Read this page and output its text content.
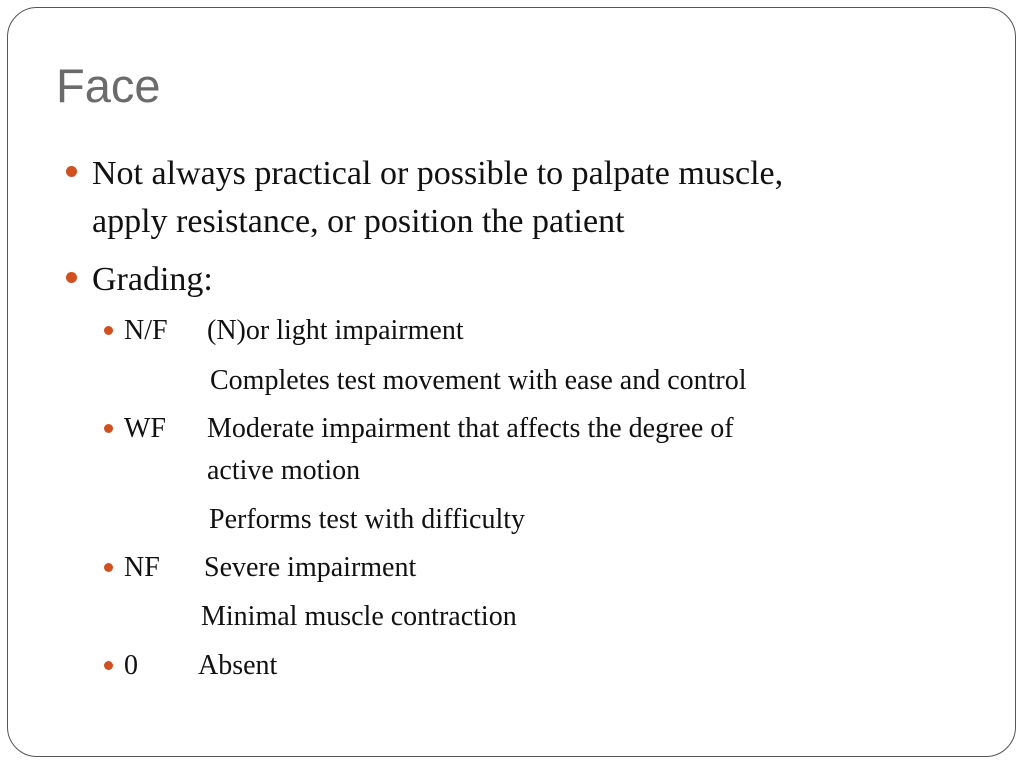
Face
Not always practical or possible to palpate muscle,
apply resistance, or position the patient
Grading:
N/F (N)or light impairment
Completes test movement with ease and control
WF Moderate impairment that affects the degree of
active motion
Performs test with difficulty
NF Severe impairment
Minimal muscle contraction
0 Absent
